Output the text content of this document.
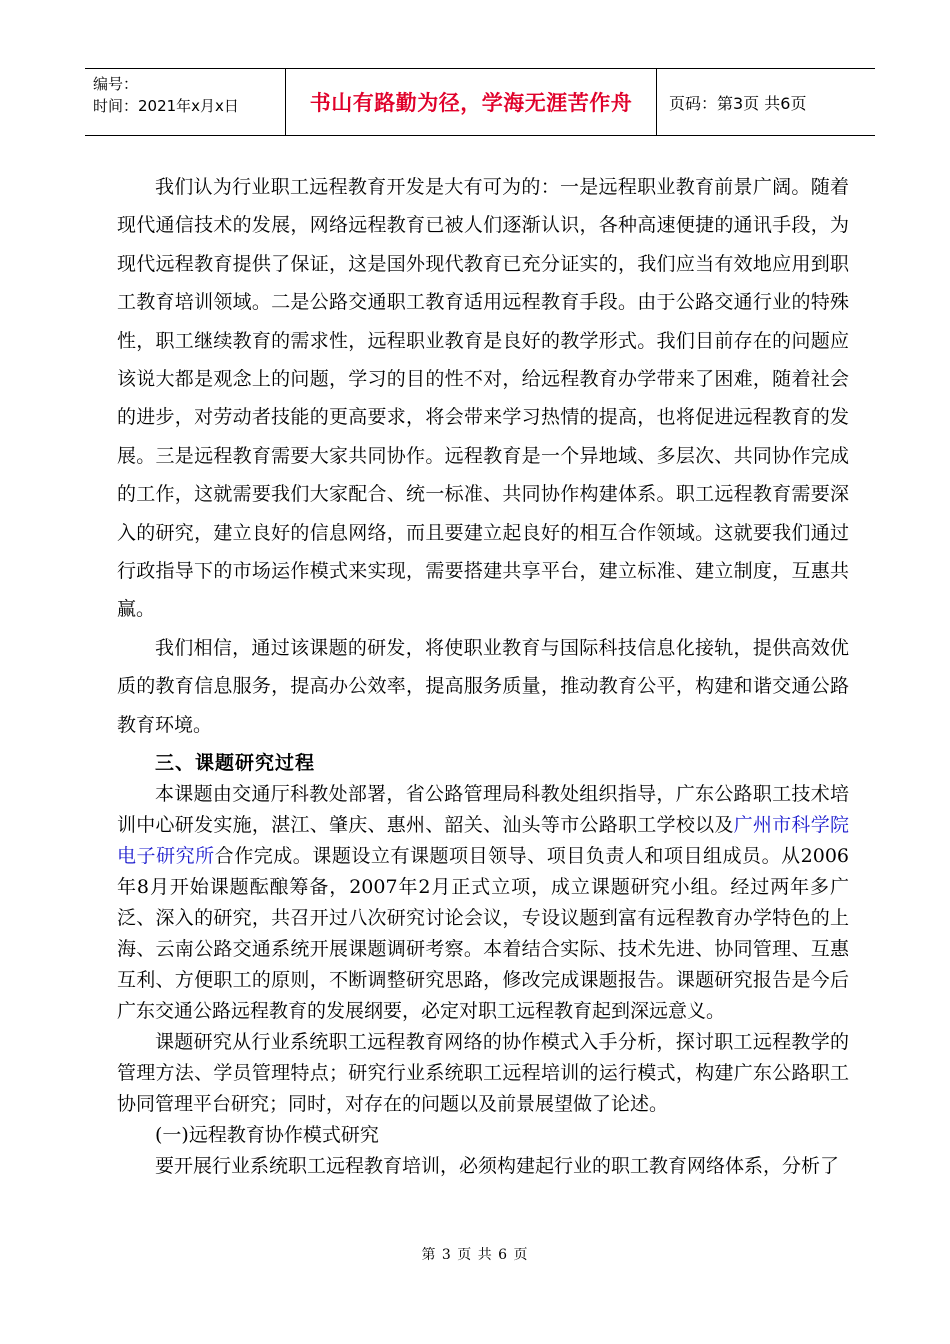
编号：
时间：2021年x月x日	书山有路勤为径，学海无涯苦作舟	页码：第3页 共6页

我们认为行业职工远程教育开发是大有可为的：一是远程职业教育前景广阔。随着现代通信技术的发展，网络远程教育已被人们逐渐认识，各种高速便捷的通讯手段，为现代远程教育提供了保证，这是国外现代教育已充分证实的，我们应当有效地应用到职工教育培训领域。二是公路交通职工教育适用远程教育手段。由于公路交通行业的特殊性，职工继续教育的需求性，远程职业教育是良好的教学形式。我们目前存在的问题应该说大都是观念上的问题，学习的目的性不对，给远程教育办学带来了困难，随着社会的进步，对劳动者技能的更高要求，将会带来学习热情的提高，也将促进远程教育的发展。三是远程教育需要大家共同协作。远程教育是一个异地域、多层次、共同协作完成的工作，这就需要我们大家配合、统一标准、共同协作构建体系。职工远程教育需要深入的研究，建立良好的信息网络，而且要建立起良好的相互合作领域。这就要我们通过行政指导下的市场运作模式来实现，需要搭建共享平台，建立标准、建立制度，互惠共赢。

我们相信，通过该课题的研发，将使职业教育与国际科技信息化接轨，提供高效优质的教育信息服务，提高办公效率，提高服务质量，推动教育公平，构建和谐交通公路教育环境。

三、课题研究过程

本课题由交通厅科教处部署，省公路管理局科教处组织指导，广东公路职工技术培训中心研发实施，湛江、肇庆、惠州、韶关、汕头等市公路职工学校以及广州市科学院电子研究所合作完成。课题设立有课题项目领导、项目负责人和项目组成员。从2006年8月开始课题酝酿筹备，2007年2月正式立项，成立课题研究小组。经过两年多广泛、深入的研究，共召开过八次研究讨论会议，专设议题到富有远程教育办学特色的上海、云南公路交通系统开展课题调研考察。本着结合实际、技术先进、协同管理、互惠互利、方便职工的原则，不断调整研究思路，修改完成课题报告。课题研究报告是今后广东交通公路远程教育的发展纲要，必定对职工远程教育起到深远意义。

课题研究从行业系统职工远程教育网络的协作模式入手分析，探讨职工远程教学的管理方法、学员管理特点；研究行业系统职工远程培训的运行模式，构建广东公路职工协同管理平台研究；同时，对存在的问题以及前景展望做了论述。

(一)远程教育协作模式研究

要开展行业系统职工远程教育培训，必须构建起行业的职工教育网络体系，分析了

第 3 页 共 6 页
